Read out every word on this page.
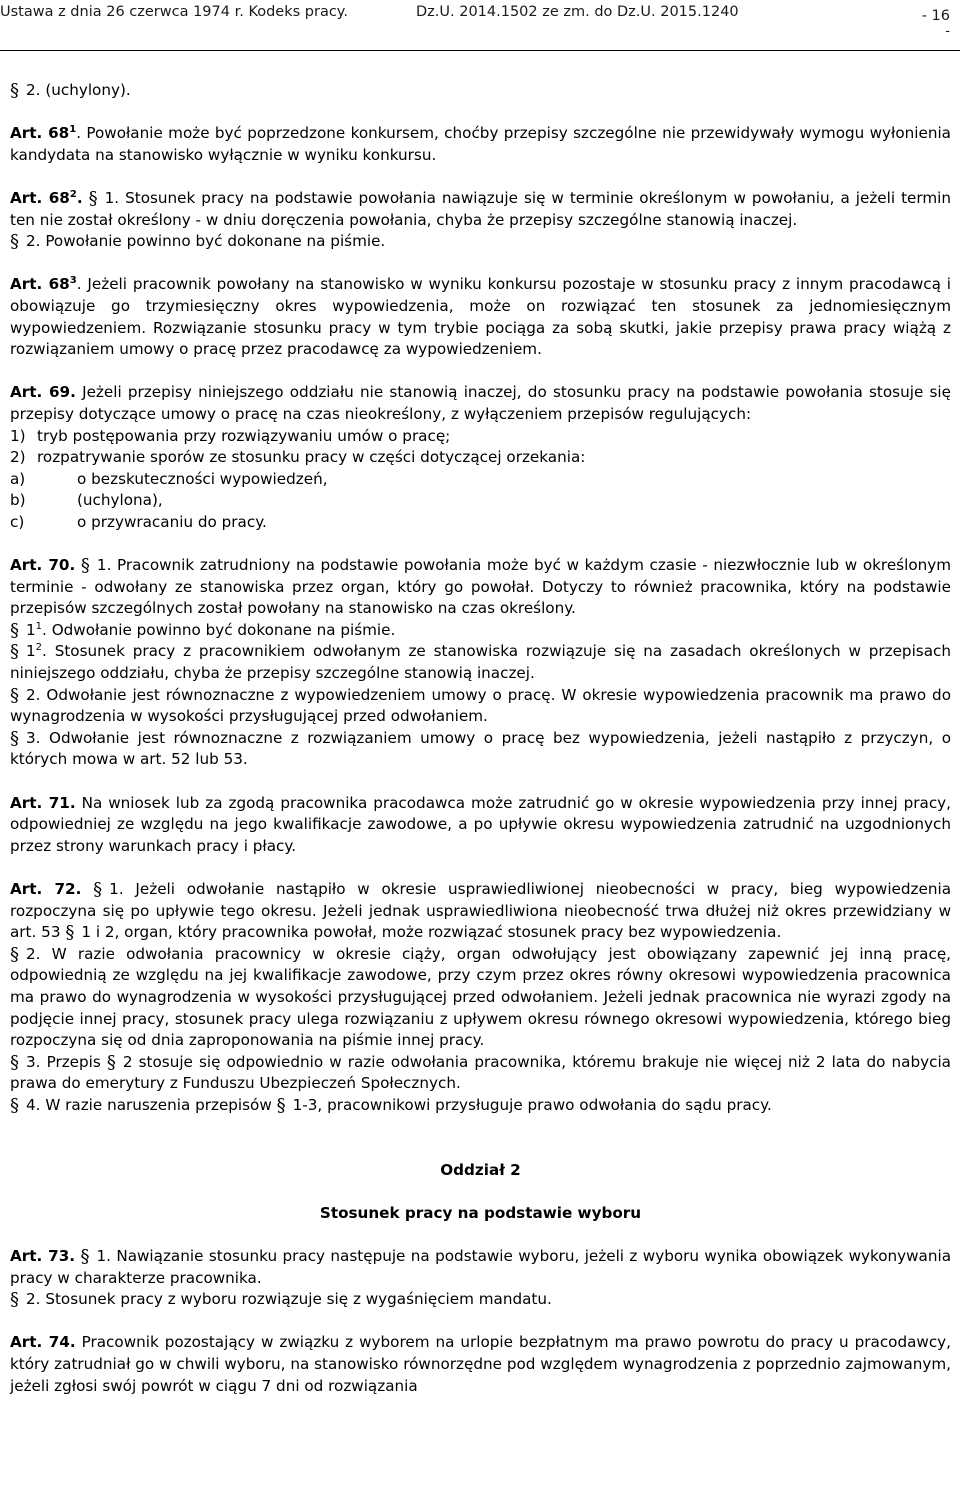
Ustawa z dnia 26 czerwca 1974 r. Kodeks pracy.	Dz.U. 2014.1502 ze zm. do Dz.U. 2015.1240	- 16
-

§ 2. (uchylony).

Art. $68^1$. Powołanie może być poprzedzone konkursem, choćby przepisy szczególne nie przewidywały wymogu wyłonienia kandydata na stanowisko wyłącznie w wyniku konkursu.

Art. $68^2$. § 1. Stosunek pracy na podstawie powołania nawiązuje się w terminie określonym w powołaniu, a jeżeli termin ten nie został określony - w dniu doręczenia powołania, chyba że przepisy szczególne stanowią inaczej.

§ 2. Powołanie powinno być dokonane na piśmie.

Art. $68^3$. Jeżeli pracownik powołany na stanowisko w wyniku konkursu pozostaje w stosunku pracy z innym pracodawcą i obowiązuje go trzymiesięczny okres wypowiedzenia, może on rozwiązać ten stosunek za jednomiesięcznym wypowiedzeniem. Rozwiązanie stosunku pracy w tym trybie pociąga za sobą skutki, jakie przepisy prawa pracy wiążą z rozwiązaniem umowy o pracę przez pracodawcę za wypowiedzeniem.

Art. 69. Jeżeli przepisy niniejszego oddziału nie stanowią inaczej, do stosunku pracy na podstawie powołania stosuje się przepisy dotyczące umowy o pracę na czas nieokreślony, z wyłączeniem przepisów regulujących:

1) tryb postępowania przy rozwiązywaniu umów o pracę;
2) rozpatrywanie sporów ze stosunku pracy w części dotyczącej orzekania:
a)	o bezskuteczności wypowiedzeń,
b)	(uchylona),
c)	o przywracaniu do pracy.

Art. 70. § 1. Pracownik zatrudniony na podstawie powołania może być w każdym czasie - niezwłocznie lub w określonym terminie - odwołany ze stanowiska przez organ, który go powołał. Dotyczy to również pracownika, który na podstawie przepisów szczególnych został powołany na stanowisko na czas określony.

§ $1^1$. Odwołanie powinno być dokonane na piśmie.

§ $1^2$. Stosunek pracy z pracownikiem odwołanym ze stanowiska rozwiązuje się na zasadach określonych w przepisach niniejszego oddziału, chyba że przepisy szczególne stanowią inaczej.

§ 2. Odwołanie jest równoznaczne z wypowiedzeniem umowy o pracę. W okresie wypowiedzenia pracownik ma prawo do wynagrodzenia w wysokości przysługującej przed odwołaniem.

§ 3. Odwołanie jest równoznaczne z rozwiązaniem umowy o pracę bez wypowiedzenia, jeżeli nastąpiło z przyczyn, o których mowa w art. 52 lub 53.

Art. 71. Na wniosek lub za zgodą pracownika pracodawca może zatrudnić go w okresie wypowiedzenia przy innej pracy, odpowiedniej ze względu na jego kwalifikacje zawodowe, a po upływie okresu wypowiedzenia zatrudnić na uzgodnionych przez strony warunkach pracy i płacy.

Art. 72. § 1. Jeżeli odwołanie nastąpiło w okresie usprawiedliwionej nieobecności w pracy, bieg wypowiedzenia rozpoczyna się po upływie tego okresu. Jeżeli jednak usprawiedliwiona nieobecność trwa dłużej niż okres przewidziany w art. 53 § 1 i 2, organ, który pracownika powołał, może rozwiązać stosunek pracy bez wypowiedzenia.

§ 2. W razie odwołania pracownicy w okresie ciąży, organ odwołujący jest obowiązany zapewnić jej inną pracę, odpowiednią ze względu na jej kwalifikacje zawodowe, przy czym przez okres równy okresowi wypowiedzenia pracownica ma prawo do wynagrodzenia w wysokości przysługującej przed odwołaniem. Jeżeli jednak pracownica nie wyrazi zgody na podjęcie innej pracy, stosunek pracy ulega rozwiązaniu z upływem okresu równego okresowi wypowiedzenia, którego bieg rozpoczyna się od dnia zaproponowania na piśmie innej pracy.

§ 3. Przepis § 2 stosuje się odpowiednio w razie odwołania pracownika, któremu brakuje nie więcej niż 2 lata do nabycia prawa do emerytury z Funduszu Ubezpieczeń Społecznych.

§ 4. W razie naruszenia przepisów § 1-3, pracownikowi przysługuje prawo odwołania do sądu pracy.

Oddział 2

Stosunek pracy na podstawie wyboru

Art. 73. § 1. Nawiązanie stosunku pracy następuje na podstawie wyboru, jeżeli z wyboru wynika obowiązek wykonywania pracy w charakterze pracownika.

§ 2. Stosunek pracy z wyboru rozwiązuje się z wygaśnięciem mandatu.

Art. 74. Pracownik pozostający w związku z wyborem na urlopie bezpłatnym ma prawo powrotu do pracy u pracodawcy, który zatrudniał go w chwili wyboru, na stanowisko równorzędne pod względem wynagrodzenia z poprzednio zajmowanym, jeżeli zgłosi swój powrót w ciągu 7 dni od rozwiązania
